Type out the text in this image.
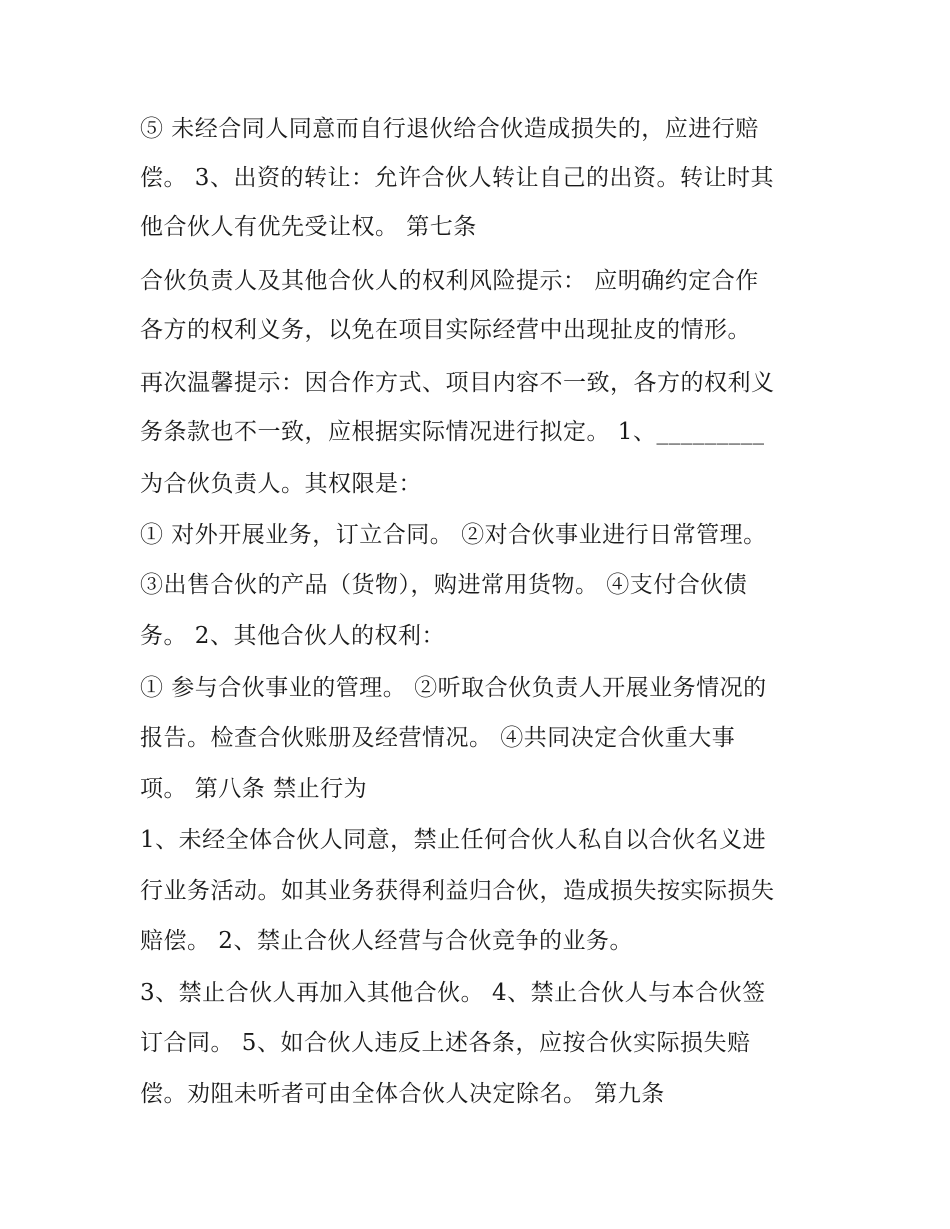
⑤ 未经合同人同意而自行退伙给合伙造成损失的，应进行赔

偿。 3、出资的转让：允许合伙人转让自己的出资。转让时其

他合伙人有优先受让权。 第七条

合伙负责人及其他合伙人的权利风险提示： 应明确约定合作

各方的权利义务，以免在项目实际经营中出现扯皮的情形。

再次温馨提示：因合作方式、项目内容不一致，各方的权利义

务条款也不一致，应根据实际情况进行拟定。 1、_________

为合伙负责人。其权限是：

① 对外开展业务，订立合同。 ②对合伙事业进行日常管理。

③出售合伙的产品（货物），购进常用货物。 ④支付合伙债

务。 2、其他合伙人的权利：

① 参与合伙事业的管理。 ②听取合伙负责人开展业务情况的

报告。检查合伙账册及经营情况。 ④共同决定合伙重大事

项。 第八条 禁止行为

1、未经全体合伙人同意，禁止任何合伙人私自以合伙名义进

行业务活动。如其业务获得利益归合伙，造成损失按实际损失

赔偿。 2、禁止合伙人经营与合伙竞争的业务。

3、禁止合伙人再加入其他合伙。 4、禁止合伙人与本合伙签

订合同。 5、如合伙人违反上述各条，应按合伙实际损失赔

偿。劝阻未听者可由全体合伙人决定除名。 第九条
